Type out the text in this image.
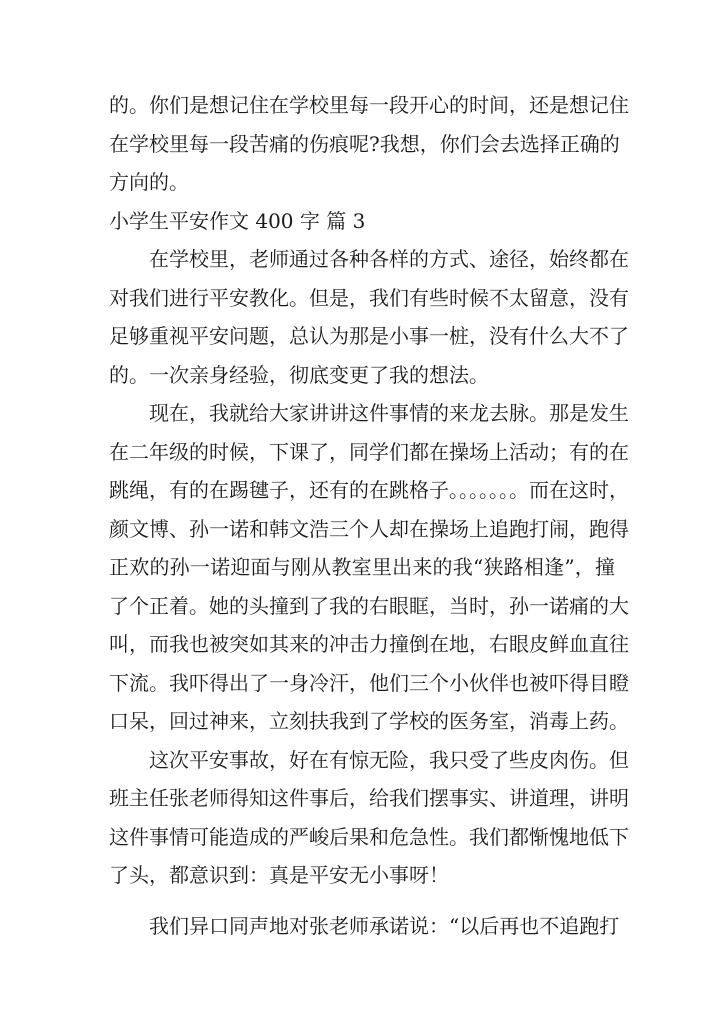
的。你们是想记住在学校里每一段开心的时间，还是想记住
在学校里每一段苦痛的伤痕呢?我想，你们会去选择正确的
方向的。
小学生平安作文 400 字 篇 3
在学校里，老师通过各种各样的方式、途径，始终都在
对我们进行平安教化。但是，我们有些时候不太留意，没有
足够重视平安问题，总认为那是小事一桩，没有什么大不了
的。一次亲身经验，彻底变更了我的想法。
现在，我就给大家讲讲这件事情的来龙去脉。那是发生
在二年级的时候，下课了，同学们都在操场上活动；有的在
跳绳，有的在踢毽子，还有的在跳格子。。。。。。。而在这时，
颜文博、孙一诺和韩文浩三个人却在操场上追跑打闹，跑得
正欢的孙一诺迎面与刚从教室里出来的我“狭路相逢”，撞
了个正着。她的头撞到了我的右眼眶，当时，孙一诺痛的大
叫，而我也被突如其来的冲击力撞倒在地，右眼皮鲜血直往
下流。我吓得出了一身冷汗，他们三个小伙伴也被吓得目瞪
口呆，回过神来，立刻扶我到了学校的医务室，消毒上药。
这次平安事故，好在有惊无险，我只受了些皮肉伤。但
班主任张老师得知这件事后，给我们摆事实、讲道理，讲明
这件事情可能造成的严峻后果和危急性。我们都惭愧地低下
了头，都意识到：真是平安无小事呀！
我们异口同声地对张老师承诺说：“以后再也不追跑打
